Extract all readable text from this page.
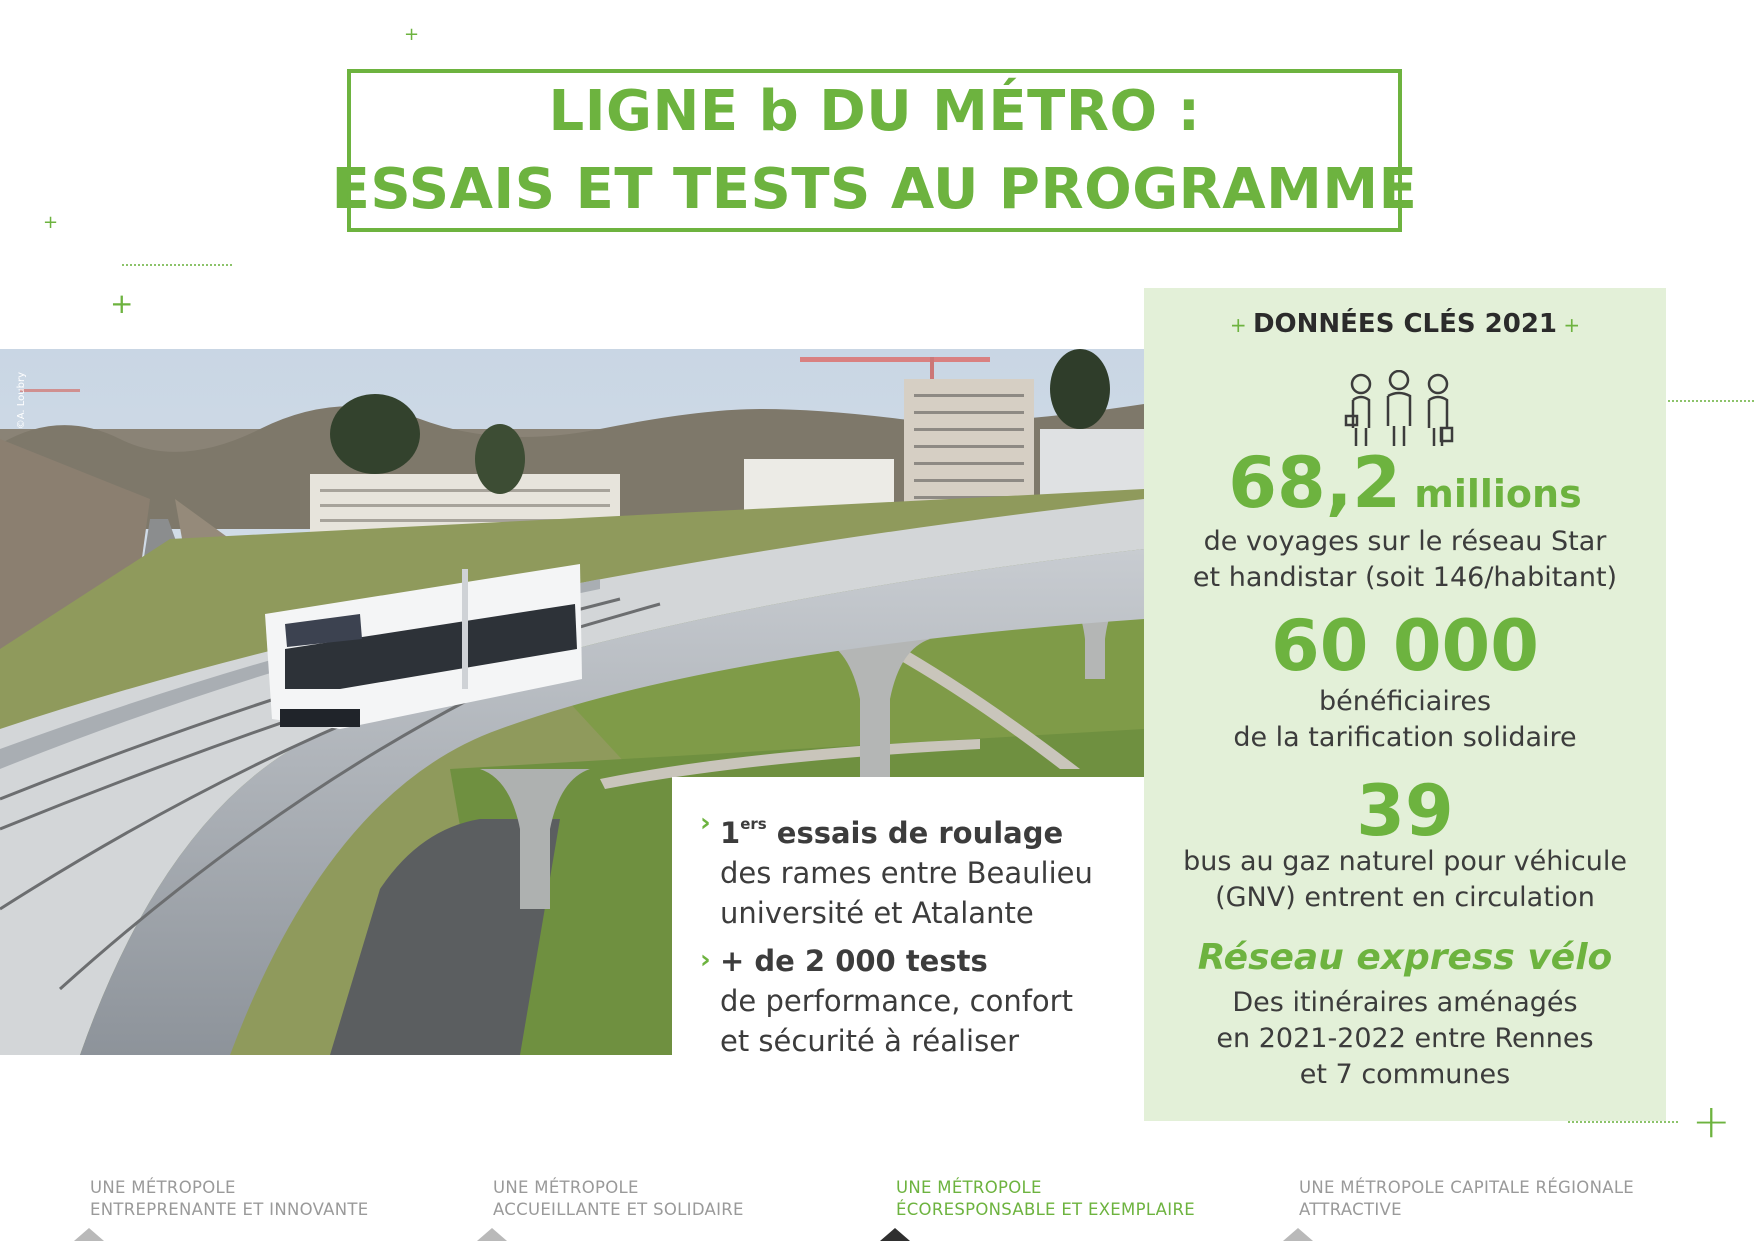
+
+
+
+
LIGNE b DU MÉTRO :
ESSAIS ET TESTS AU PROGRAMME
©A. Loubry
› 1ers essais de roulage
des rames entre Beaulieu
université et Atalante
› + de 2 000 tests
de performance, confort
et sécurité à réaliser
+ DONNÉES CLÉS 2021 +
68,2 millions
de voyages sur le réseau Star
et handistar (soit 146/habitant)
60 000
bénéficiaires
de la tarification solidaire
39
bus au gaz naturel pour véhicule
(GNV) entrent en circulation
Réseau express vélo
Des itinéraires aménagés
en 2021-2022 entre Rennes
et 7 communes
UNE MÉTROPOLE
ENTREPRENANTE ET INNOVANTE
UNE MÉTROPOLE
ACCUEILLANTE ET SOLIDAIRE
UNE MÉTROPOLE
ÉCORESPONSABLE ET EXEMPLAIRE
UNE MÉTROPOLE CAPITALE RÉGIONALE
ATTRACTIVE
